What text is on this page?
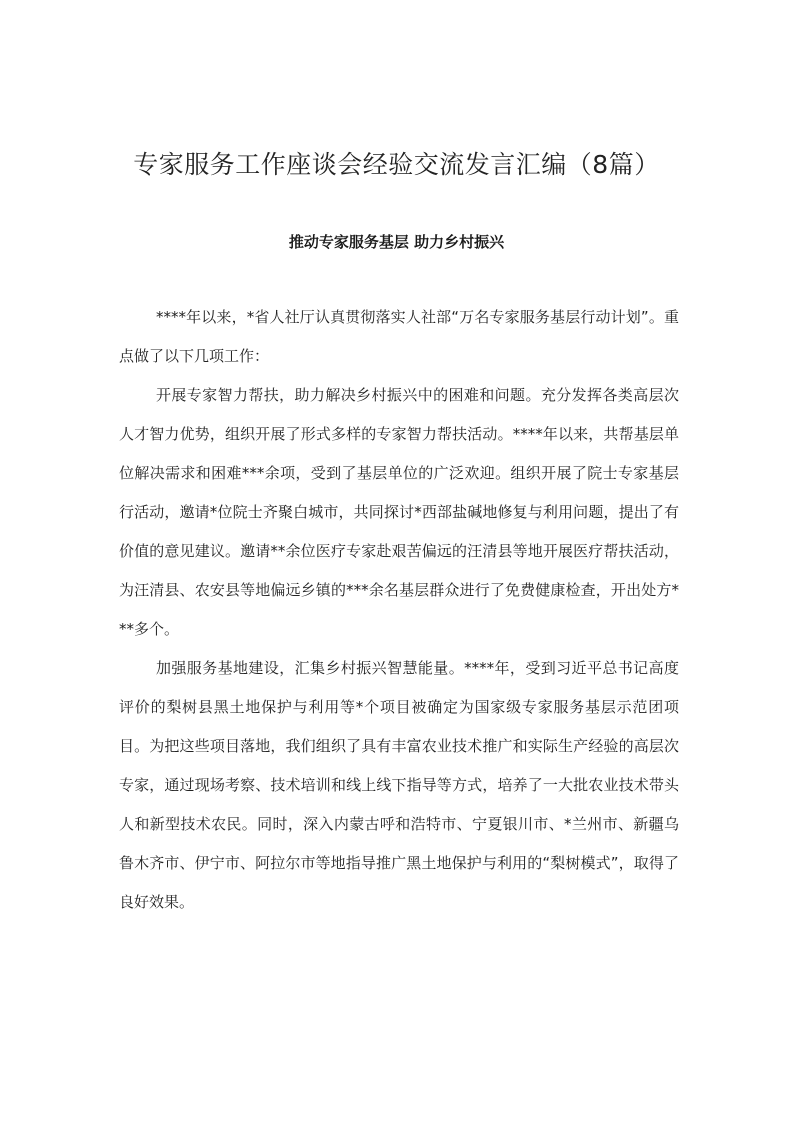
专家服务工作座谈会经验交流发言汇编（8篇）
推动专家服务基层 助力乡村振兴

****年以来，*省人社厅认真贯彻落实人社部“万名专家服务基层行动计划”。重点做了以下几项工作：

开展专家智力帮扶，助力解决乡村振兴中的困难和问题。充分发挥各类高层次人才智力优势，组织开展了形式多样的专家智力帮扶活动。****年以来，共帮基层单位解决需求和困难***余项，受到了基层单位的广泛欢迎。组织开展了院士专家基层行活动，邀请*位院士齐聚白城市，共同探讨*西部盐碱地修复与利用问题，提出了有价值的意见建议。邀请**余位医疗专家赴艰苦偏远的汪清县等地开展医疗帮扶活动，为汪清县、农安县等地偏远乡镇的***余名基层群众进行了免费健康检查，开出处方***多个。

加强服务基地建设，汇集乡村振兴智慧能量。****年，受到习近平总书记高度评价的梨树县黑土地保护与利用等*个项目被确定为国家级专家服务基层示范团项目。为把这些项目落地，我们组织了具有丰富农业技术推广和实际生产经验的高层次专家，通过现场考察、技术培训和线上线下指导等方式，培养了一大批农业技术带头人和新型技术农民。同时，深入内蒙古呼和浩特市、宁夏银川市、*兰州市、新疆乌鲁木齐市、伊宁市、阿拉尔市等地指导推广黑土地保护与利用的“梨树模式”，取得了良好效果。
